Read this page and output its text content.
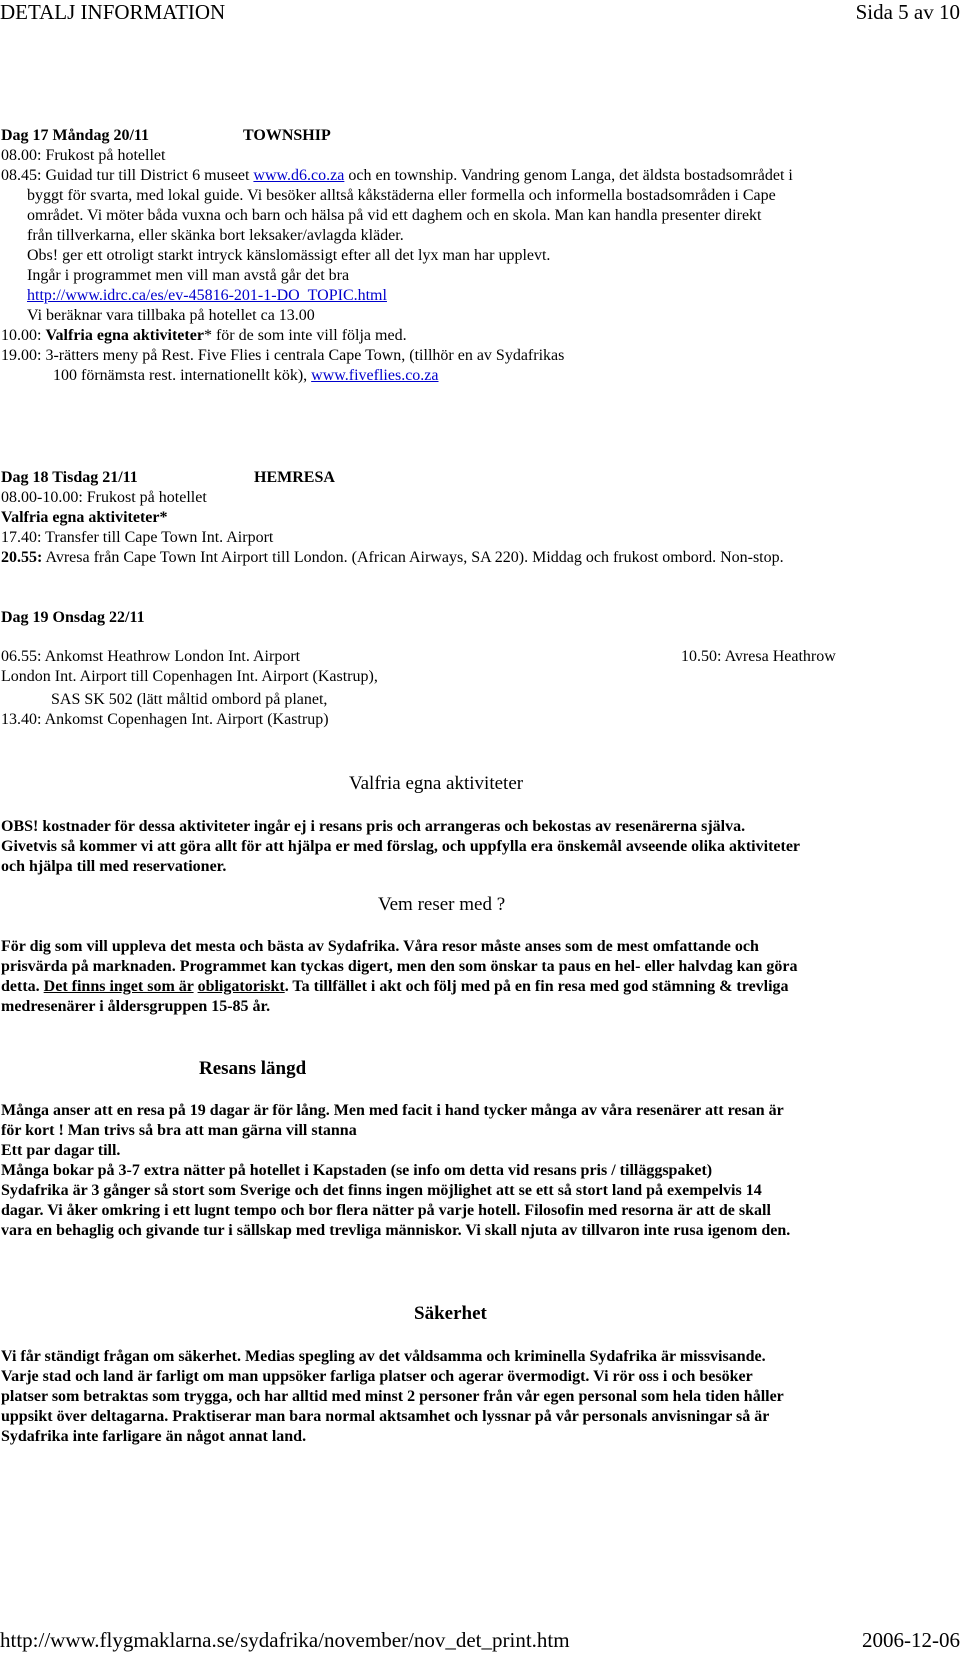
DETALJ INFORMATION	Sida 5 av 10
Dag 17 Måndag 20/11	TOWNSHIP
08.00: Frukost på hotellet
08.45: Guidad tur till District 6 museet www.d6.co.za och en township. Vandring genom Langa, det äldsta bostadsområdet i
byggt för svarta, med lokal guide. Vi besöker alltså kåkstäderna eller formella och informella bostadsområden i Cape
området. Vi möter båda vuxna och barn och hälsa på vid ett daghem och en skola. Man kan handla presenter direkt
från tillverkarna, eller skänka bort leksaker/avlagda kläder.
Obs! ger ett otroligt starkt intryck känslomässigt efter all det lyx man har upplevt.
Ingår i programmet men vill man avstå går det bra
http://www.idrc.ca/es/ev-45816-201-1-DO_TOPIC.html
Vi beräknar vara tillbaka på hotellet ca 13.00
10.00: Valfria egna aktiviteter* för de som inte vill följa med.
19.00: 3-rätters meny på Rest. Five Flies i centrala Cape Town, (tillhör en av Sydafrikas
100 förnämsta rest. internationellt kök), www.fiveflies.co.za
Dag 18 Tisdag 21/11	HEMRESA
08.00-10.00: Frukost på hotellet
Valfria egna aktiviteter*
17.40: Transfer till Cape Town Int. Airport
20.55: Avresa från Cape Town Int Airport till London. (African Airways, SA 220). Middag och frukost ombord. Non-stop.
Dag 19 Onsdag 22/11
06.55: Ankomst Heathrow London Int. Airport	10.50: Avresa Heathrow
London Int. Airport till Copenhagen Int. Airport (Kastrup),
SAS SK 502 (lätt måltid ombord på planet,
13.40: Ankomst Copenhagen Int. Airport (Kastrup)
Valfria egna aktiviteter
OBS! kostnader för dessa aktiviteter ingår ej i resans pris och arrangeras och bekostas av resenärerna själva.
Givetvis så kommer vi att göra allt för att hjälpa er med förslag, och uppfylla era önskemål avseende olika aktiviteter
och hjälpa till med reservationer.
Vem reser med ?
För dig som vill uppleva det mesta och bästa av Sydafrika. Våra resor måste anses som de mest omfattande och
prisvärda på marknaden. Programmet kan tyckas digert, men den som önskar ta paus en hel- eller halvdag kan göra
detta. Det finns inget som är obligatoriskt. Ta tillfället i akt och följ med på en fin resa med god stämning & trevliga
medresenärer i åldersgruppen 15-85 år.
Resans längd
Många anser att en resa på 19 dagar är för lång. Men med facit i hand tycker många av våra resenärer att resan är
för kort ! Man trivs så bra att man gärna vill stanna
Ett par dagar till.
Många bokar på 3-7 extra nätter på hotellet i Kapstaden (se info om detta vid resans pris / tilläggspaket)
Sydafrika är 3 gånger så stort som Sverige och det finns ingen möjlighet att se ett så stort land på exempelvis 14
dagar. Vi åker omkring i ett lugnt tempo och bor flera nätter på varje hotell. Filosofin med resorna är att de skall
vara en behaglig och givande tur i sällskap med trevliga människor. Vi skall njuta av tillvaron inte rusa igenom den.
Säkerhet
Vi får ständigt frågan om säkerhet. Medias spegling av det våldsamma och kriminella Sydafrika är missvisande.
Varje stad och land är farligt om man uppsöker farliga platser och agerar övermodigt. Vi rör oss i och besöker
platser som betraktas som trygga, och har alltid med minst 2 personer från vår egen personal som hela tiden håller
uppsikt över deltagarna. Praktiserar man bara normal aktsamhet och lyssnar på vår personals anvisningar så är
Sydafrika inte farligare än något annat land.
http://www.flygmaklarna.se/sydafrika/november/nov_det_print.htm	2006-12-06
